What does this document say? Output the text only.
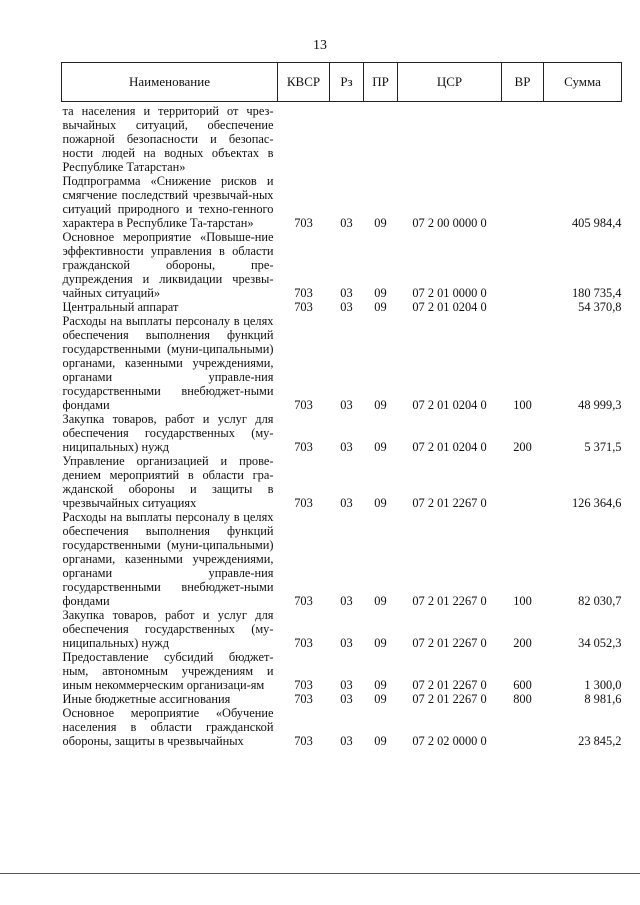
13
Наименование	КВСР	Рз	ПР	ЦСР	ВР	Сумма
та населения и территорий от чрез-вычайных ситуаций, обеспечение пожарной безопасности и безопас-ности людей на водных объектах в Республике Татарстан»						
Подпрограмма «Снижение рисков и смягчение последствий чрезвычай-ных ситуаций природного и техно-генного характера в Республике Та-тарстан»	703	03	09	07 2 00 0000 0		405 984,4
Основное мероприятие «Повыше-ние эффективности управления в области гражданской обороны, пре-дупреждения и ликвидации чрезвы-чайных ситуаций»	703	03	09	07 2 01 0000 0		180 735,4
Центральный аппарат	703	03	09	07 2 01 0204 0		54 370,8
Расходы на выплаты персоналу в целях обеспечения выполнения функций государственными (муни-ципальными) органами, казенными учреждениями, органами управле-ния государственными внебюджет-ными фондами	703	03	09	07 2 01 0204 0	100	48 999,3
Закупка товаров, работ и услуг для обеспечения государственных (му-ниципальных) нужд	703	03	09	07 2 01 0204 0	200	5 371,5
Управление организацией и прове-дением мероприятий в области гра-жданской обороны и защиты в чрезвычайных ситуациях	703	03	09	07 2 01 2267 0		126 364,6
Расходы на выплаты персоналу в целях обеспечения выполнения функций государственными (муни-ципальными) органами, казенными учреждениями, органами управле-ния государственными внебюджет-ными фондами	703	03	09	07 2 01 2267 0	100	82 030,7
Закупка товаров, работ и услуг для обеспечения государственных (му-ниципальных) нужд	703	03	09	07 2 01 2267 0	200	34 052,3
Предоставление субсидий бюджет-ным, автономным учреждениям и иным некоммерческим организаци-ям	703	03	09	07 2 01 2267 0	600	1 300,0
Иные бюджетные ассигнования	703	03	09	07 2 01 2267 0	800	8 981,6
Основное мероприятие «Обучение населения в области гражданской обороны, защиты в чрезвычайных	703	03	09	07 2 02 0000 0		23 845,2
